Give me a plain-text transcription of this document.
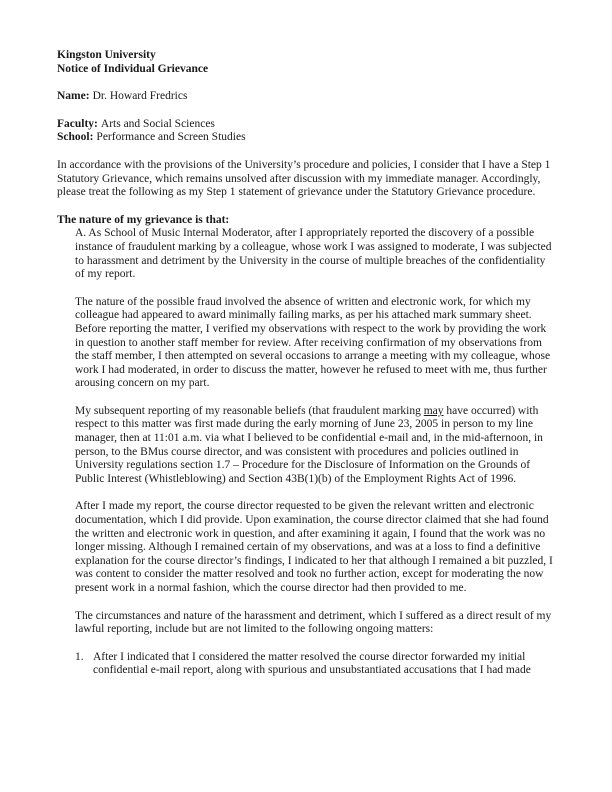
Kingston University
Notice of Individual Grievance

Name: Dr. Howard Fredrics

Faculty: Arts and Social Sciences

School: Performance and Screen Studies

In accordance with the provisions of the University’s procedure and policies, I consider that I have a Step 1 Statutory Grievance, which remains unsolved after discussion with my immediate manager. Accordingly, please treat the following as my Step 1 statement of grievance under the Statutory Grievance procedure.

The nature of my grievance is that:

A. As School of Music Internal Moderator, after I appropriately reported the discovery of a possible instance of fraudulent marking by a colleague, whose work I was assigned to moderate, I was subjected to harassment and detriment by the University in the course of multiple breaches of the confidentiality of my report.

The nature of the possible fraud involved the absence of written and electronic work, for which my colleague had appeared to award minimally failing marks, as per his attached mark summary sheet. Before reporting the matter, I verified my observations with respect to the work by providing the work in question to another staff member for review. After receiving confirmation of my observations from the staff member, I then attempted on several occasions to arrange a meeting with my colleague, whose work I had moderated, in order to discuss the matter, however he refused to meet with me, thus further arousing concern on my part.

My subsequent reporting of my reasonable beliefs (that fraudulent marking may have occurred) with respect to this matter was first made during the early morning of June 23, 2005 in person to my line manager, then at 11:01 a.m. via what I believed to be confidential e-mail and, in the mid-afternoon, in person, to the BMus course director, and was consistent with procedures and policies outlined in University regulations section 1.7 – Procedure for the Disclosure of Information on the Grounds of Public Interest (Whistleblowing) and Section 43B(1)(b) of the Employment Rights Act of 1996.

After I made my report, the course director requested to be given the relevant written and electronic documentation, which I did provide. Upon examination, the course director claimed that she had found the written and electronic work in question, and after examining it again, I found that the work was no longer missing. Although I remained certain of my observations, and was at a loss to find a definitive explanation for the course director’s findings, I indicated to her that although I remained a bit puzzled, I was content to consider the matter resolved and took no further action, except for moderating the now present work in a normal fashion, which the course director had then provided to me.

The circumstances and nature of the harassment and detriment, which I suffered as a direct result of my lawful reporting, include but are not limited to the following ongoing matters:

1. After I indicated that I considered the matter resolved the course director forwarded my initial confidential e-mail report, along with spurious and unsubstantiated accusations that I had made
